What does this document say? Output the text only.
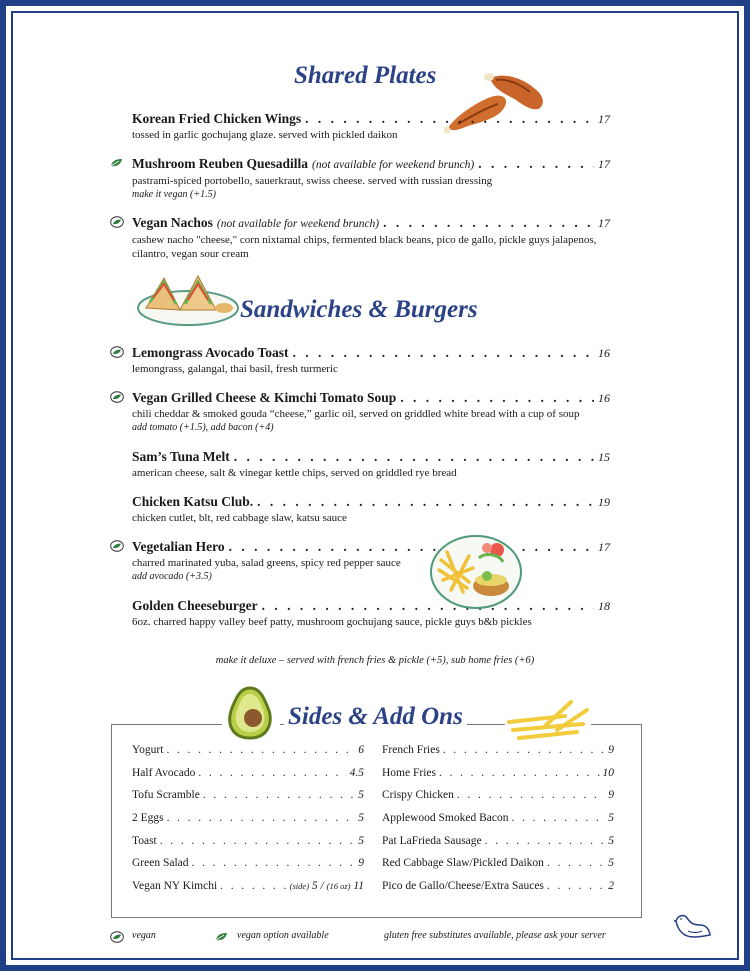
Shared Plates
Korean Fried Chicken Wings . . .	17
tossed in garlic gochujang glaze. served with pickled daikon
Mushroom Reuben Quesadilla (not available for weekend brunch) . . .	17
pastrami-spiced portobello, sauerkraut, swiss cheese. served with russian dressing
make it vegan (+1.5)
Vegan Nachos (not available for weekend brunch) . . .	17
cashew nacho "cheese," corn nixtamal chips, fermented black beans, pico de gallo, pickle guys jalapenos, cilantro, vegan sour cream
Sandwiches & Burgers
Lemongrass Avocado Toast . . .	16
lemongrass, galangal, thai basil, fresh turmeric
Vegan Grilled Cheese & Kimchi Tomato Soup . . .	16
chili cheddar & smoked gouda “cheese,” garlic oil, served on griddled white bread with a cup of soup
add tomato (+1.5), add bacon (+4)
Sam’s Tuna Melt . . .	15
american cheese, salt & vinegar kettle chips, served on griddled rye bread
Chicken Katsu Club. . . .	19
chicken cutlet, blt, red cabbage slaw, katsu sauce
Vegetalian Hero . . .	17
charred marinated yuba, salad greens, spicy red pepper sauce
add avocado (+3.5)
Golden Cheeseburger . . .	18
6oz. charred happy valley beef patty, mushroom gochujang sauce, pickle guys b&b pickles
make it deluxe – served with french fries & pickle (+5), sub home fries (+6)
Sides & Add Ons
Yogurt . . .	6
Half Avocado . . .	4.5
Tofu Scramble . . .	5
2 Eggs . . .	5
Toast . . .	5
Green Salad . . .	9
Vegan NY Kimchi . . .	(side) 5 / (16 oz) 11
French Fries . . .	9
Home Fries . . .	10
Crispy Chicken . . .	9
Applewood Smoked Bacon . . .	5
Pat LaFrieda Sausage . . .	5
Red Cabbage Slaw/Pickled Daikon . . .	5
Pico de Gallo/Cheese/Extra Sauces . . .	2
vegan	vegan option available	gluten free substitutes available, please ask your server
